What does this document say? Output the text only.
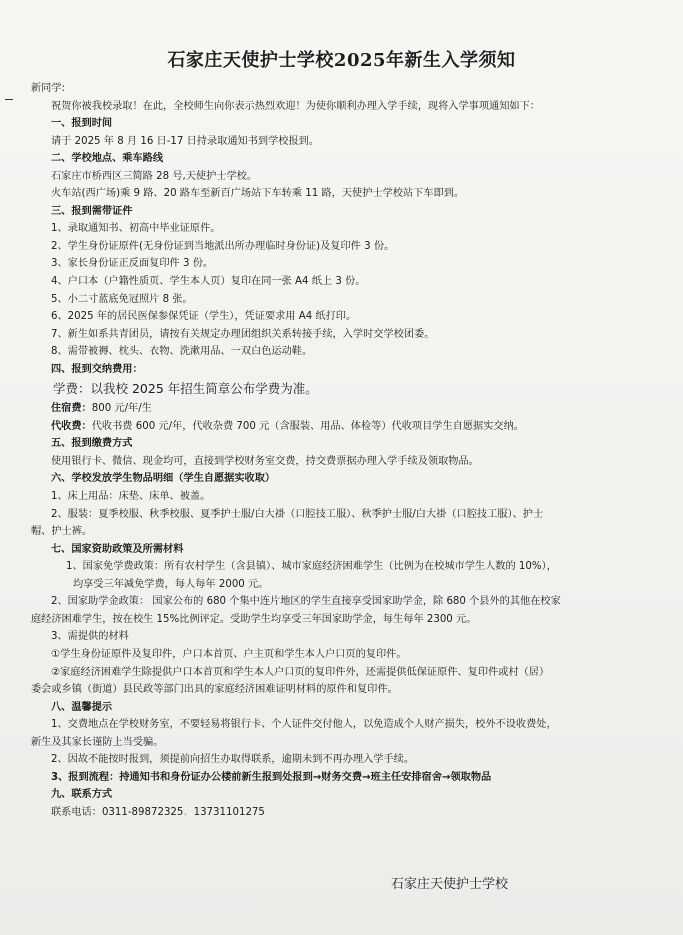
石家庄天使护士学校2025年新生入学须知
新同学:
祝贺你被我校录取！在此，全校师生向你表示热烈欢迎！为使你顺利办理入学手续，现将入学事项通知如下：
一、报到时间
请于 2025 年 8 月 16 日-17 日持录取通知书到学校报到。
二、学校地点、乘车路线
石家庄市桥西区三简路 28 号,天使护士学校。
火车站(西广场)乘 9 路、20 路车至新百广场站下车转乘 11 路，天使护士学校站下车即到。
三、报到需带证件
1、录取通知书、初高中毕业证原件。
2、学生身份证原件(无身份证到当地派出所办理临时身份证)及复印件 3 份。
3、家长身份证正反面复印件 3 份。
4、户口本（户籍性质页、学生本人页）复印在同一张 A4 纸上 3 份。
5、小二寸蓝底免冠照片 8 张。
6、2025 年的居民医保参保凭证（学生），凭证要求用 A4 纸打印。
7、新生如系共青团员，请按有关规定办理团组织关系转接手续，入学时交学校团委。
8、需带被褥、枕头、衣物、洗漱用品、一双白色运动鞋。
四、报到交纳费用：
学费：以我校 2025 年招生简章公布学费为准。
住宿费：800 元/年/生
代收费：代收书费 600 元/年，代收杂费 700 元（含服装、用品、体检等）代收项目学生自愿据实交纳。
五、报到缴费方式
使用银行卡、微信、现金均可，直接到学校财务室交费，持交费票据办理入学手续及领取物品。
六、学校发放学生物品明细（学生自愿据实收取）
1、床上用品：床垫、床单、被盖。
2、服装：夏季校服、秋季校服、夏季护士服/白大褂（口腔技工服）、秋季护士服/白大褂（口腔技工服）、护士
帽、护士裤。
七、国家资助政策及所需材料
1、国家免学费政策：所有农村学生（含县镇）、城市家庭经济困难学生（比例为在校城市学生人数的 10%），
均享受三年减免学费，每人每年 2000 元。
2、国家助学金政策： 国家公布的 680 个集中连片地区的学生直接享受国家助学金，除 680 个县外的其他在校家
庭经济困难学生，按在校生 15%比例评定。受助学生均享受三年国家助学金，每生每年 2300 元。
3、需提供的材料
①学生身份证原件及复印件，户口本首页、户主页和学生本人户口页的复印件。
②家庭经济困难学生除提供户口本首页和学生本人户口页的复印件外，还需提供低保证原件、复印件或村（居）
委会或乡镇（街道）县民政等部门出具的家庭经济困难证明材料的原件和复印件。
八、温馨提示
1、交费地点在学校财务室，不要轻易将银行卡、个人证件交付他人，以免造成个人财产损失，校外不设收费处，
新生及其家长谨防上当受骗。
2、因故不能按时报到，须提前向招生办取得联系，逾期未到不再办理入学手续。
3、报到流程：持通知书和身份证办公楼前新生报到处报到→财务交费→班主任安排宿舍→领取物品
九、联系方式
联系电话：0311-89872325、13731101275
石家庄天使护士学校
